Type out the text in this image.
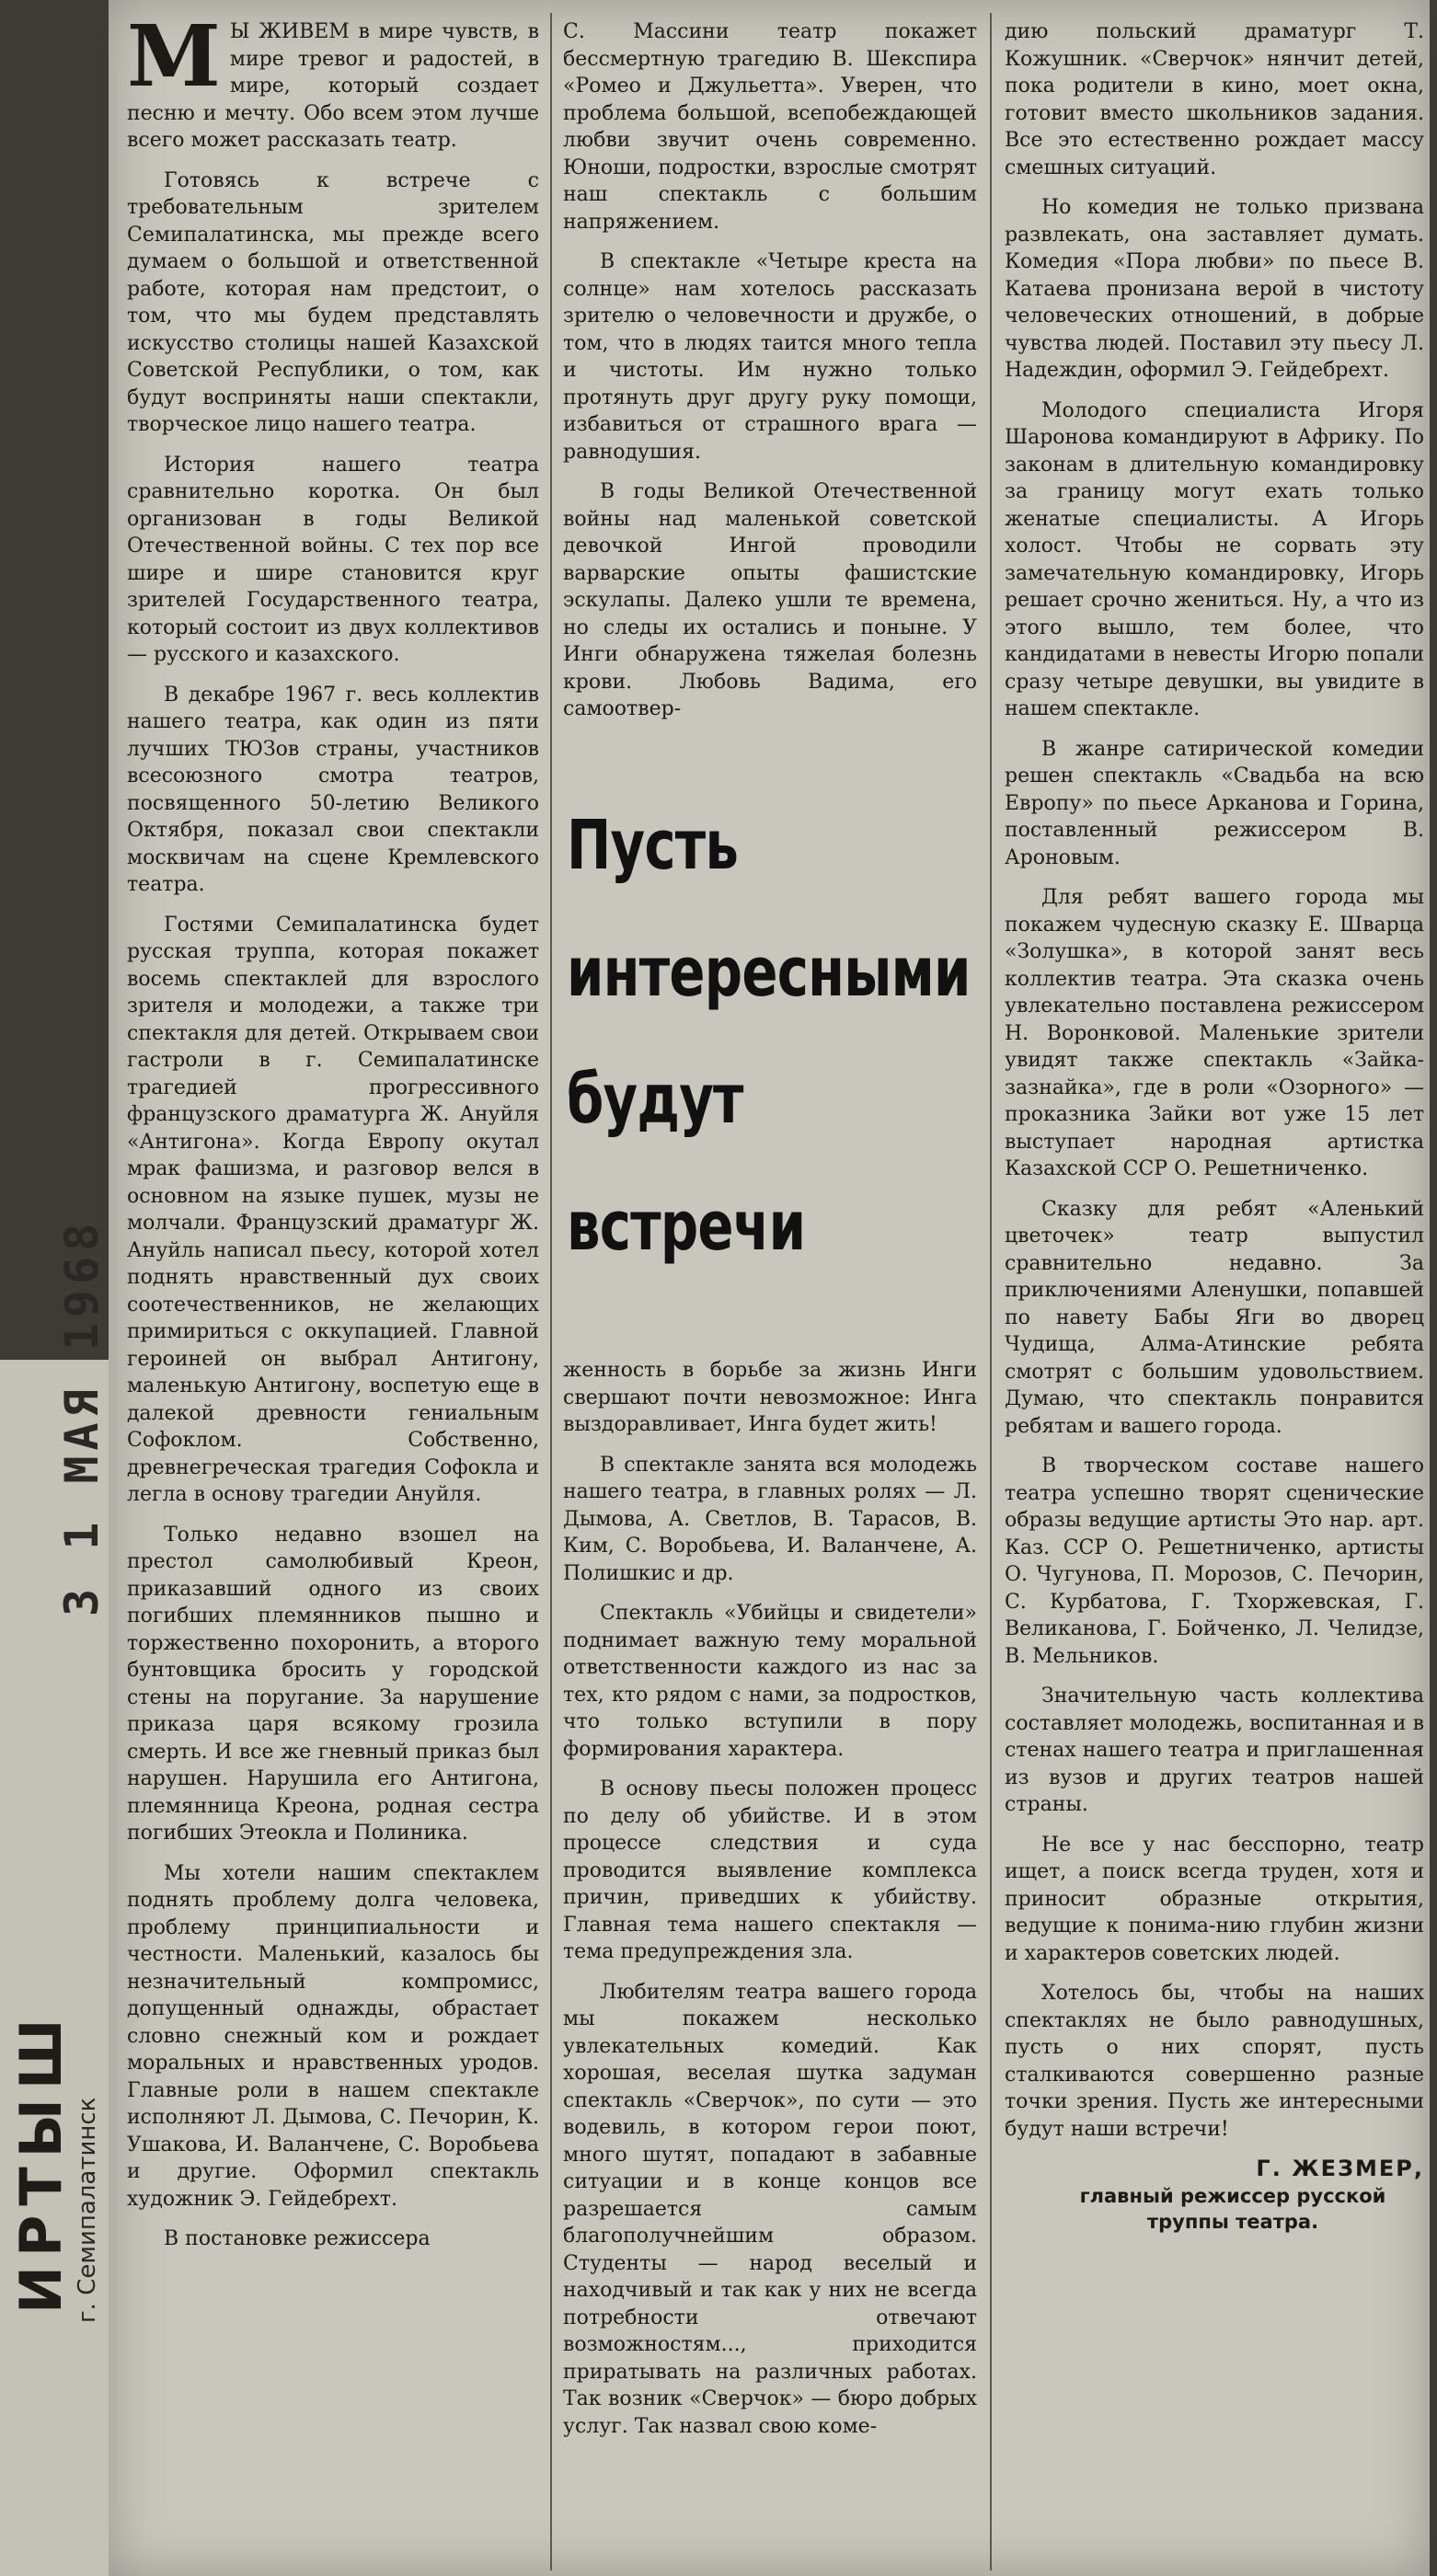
3 1 МАЯ 1968
ИРТЫШ г. Семипалатинск

М Ы ЖИВЕМ в мире чувств, в мире тревог и радостей, в мире, который создает песню и мечту. Обо всем этом лучше всего может рассказать театр.

Готовясь к встрече с требовательным зрителем Семипалатинска, мы прежде всего думаем о большой и ответственной работе, которая нам предстоит, о том, что мы будем представлять искусство столицы нашей Казахской Советской Республики, о том, как будут восприняты наши спектакли, творческое лицо нашего театра.

История нашего театра сравнительно коротка. Он был организован в годы Великой Отечественной войны. С тех пор все шире и шире становится круг зрителей Государственного театра, который состоит из двух коллективов — русского и казахского.

В декабре 1967 г. весь коллектив нашего театра, как один из пяти лучших ТЮЗов страны, участников всесоюзного смотра театров, посвященного 50-летию Великого Октября, показал свои спектакли москвичам на сцене Кремлевского театра.

Гостями Семипалатинска будет русская труппа, которая покажет восемь спектаклей для взрослого зрителя и молодежи, а также три спектакля для детей. Открываем свои гастроли в г. Семипалатинске трагедией прогрессивного французского драматурга Ж. Ануйля «Антигона». Когда Европу окутал мрак фашизма, и разговор велся в основном на языке пушек, музы не молчали. Французский драматург Ж. Ануйль написал пьесу, которой хотел поднять нравственный дух своих соотечественников, не желающих примириться с оккупацией. Главной героиней он выбрал Антигону, маленькую Антигону, воспетую еще в далекой древности гениальным Софоклом. Собственно, древнегреческая трагедия Софокла и легла в основу трагедии Ануйля.

Только недавно взошел на престол самолюбивый Креон, приказавший одного из своих погибших племянников пышно и торжественно похоронить, а второго бунтовщика бросить у городской стены на поругание. За нарушение приказа царя всякому грозила смерть. И все же гневный приказ был нарушен. Нарушила его Антигона, племянница Креона, родная сестра погибших Этеокла и Полиника.

Мы хотели нашим спектаклем поднять проблему долга человека, проблему принципиальности и честности. Маленький, казалось бы незначительный компромисс, допущенный однажды, обрастает словно снежный ком и рождает моральных и нравственных уродов. Главные роли в нашем спектакле исполняют Л. Дымова, С. Печорин, К. Ушакова, И. Валанчене, С. Воробьева и другие. Оформил спектакль художник Э. Гейдебрехт.

В постановке режиссера

С. Массини театр покажет бессмертную трагедию В. Шекспира «Ромео и Джульетта». Уверен, что проблема большой, всепобеждающей любви звучит очень современно. Юноши, подростки, взрослые смотрят наш спектакль с большим напряжением.

В спектакле «Четыре креста на солнце» нам хотелось рассказать зрителю о человечности и дружбе, о том, что в людях таится много тепла и чистоты. Им нужно только протянуть друг другу руку помощи, избавиться от страшного врага — равнодушия.

В годы Великой Отечественной войны над маленькой советской девочкой Ингой проводили варварские опыты фашистские эскулапы. Далеко ушли те времена, но следы их остались и поныне. У Инги обнаружена тяжелая болезнь крови. Любовь Вадима, его самоотвер-

Пусть
интересными
будут
встречи

женность в борьбе за жизнь Инги свершают почти невозможное: Инга выздоравливает, Инга будет жить!

В спектакле занята вся молодежь нашего театра, в главных ролях — Л. Дымова, А. Светлов, В. Тарасов, В. Ким, С. Воробьева, И. Валанчене, А. Полишкис и др.

Спектакль «Убийцы и свидетели» поднимает важную тему моральной ответственности каждого из нас за тех, кто рядом с нами, за подростков, что только вступили в пору формирования характера.

В основу пьесы положен процесс по делу об убийстве. И в этом процессе следствия и суда проводится выявление комплекса причин, приведших к убийству. Главная тема нашего спектакля — тема предупреждения зла.

Любителям театра вашего города мы покажем несколько увлекательных комедий. Как хорошая, веселая шутка задуман спектакль «Сверчок», по сути — это водевиль, в котором герои поют, много шутят, попадают в забавные ситуации и в конце концов все разрешается самым благополучнейшим образом. Студенты — народ веселый и находчивый и так как у них не всегда потребности отвечают возможностям..., приходится приратывать на различных работах. Так возник «Сверчок» — бюро добрых услуг. Так назвал свою коме-

дию польский драматург Т. Кожушник. «Сверчок» нянчит детей, пока родители в кино, моет окна, готовит вместо школьников задания. Все это естественно рождает массу смешных ситуаций.

Но комедия не только призвана развлекать, она заставляет думать. Комедия «Пора любви» по пьесе В. Катаева пронизана верой в чистоту человеческих отношений, в добрые чувства людей. Поставил эту пьесу Л. Надеждин, оформил Э. Гейдебрехт.

Молодого специалиста Игоря Шаронова командируют в Африку. По законам в длительную командировку за границу могут ехать только женатые специалисты. А Игорь холост. Чтобы не сорвать эту замечательную командировку, Игорь решает срочно жениться. Ну, а что из этого вышло, тем более, что кандидатами в невесты Игорю попали сразу четыре девушки, вы увидите в нашем спектакле.

В жанре сатирической комедии решен спектакль «Свадьба на всю Европу» по пьесе Арканова и Горина, поставленный режиссером В. Ароновым.

Для ребят вашего города мы покажем чудесную сказку Е. Шварца «Золушка», в которой занят весь коллектив театра. Эта сказка очень увлекательно поставлена режиссером Н. Воронковой. Маленькие зрители увидят также спектакль «Зайка-зазнайка», где в роли «Озорного» — проказника Зайки вот уже 15 лет выступает народная артистка Казахской ССР О. Решетниченко.

Сказку для ребят «Аленький цветочек» театр выпустил сравнительно недавно. За приключениями Аленушки, попавшей по навету Бабы Яги во дворец Чудища, Алма-Атинские ребята смотрят с большим удовольствием. Думаю, что спектакль понравится ребятам и вашего города.

В творческом составе нашего театра успешно творят сценические образы ведущие артисты Это нар. арт. Каз. ССР О. Решетниченко, артисты О. Чугунова, П. Морозов, С. Печорин, С. Курбатова, Г. Тхоржевская, Г. Великанова, Г. Бойченко, Л. Челидзе, В. Мельников.

Значительную часть коллектива составляет молодежь, воспитанная и в стенах нашего театра и приглашенная из вузов и других театров нашей страны.

Не все у нас бесспорно, театр ищет, а поиск всегда труден, хотя и приносит образные открытия, ведущие к понима-нию глубин жизни и характеров советских людей.

Хотелось бы, чтобы на наших спектаклях не было равнодушных, пусть о них спорят, пусть сталкиваются совершенно разные точки зрения. Пусть же интересными будут наши встречи!

Г. ЖЕЗМЕР,
главный режиссер русской труппы театра.
